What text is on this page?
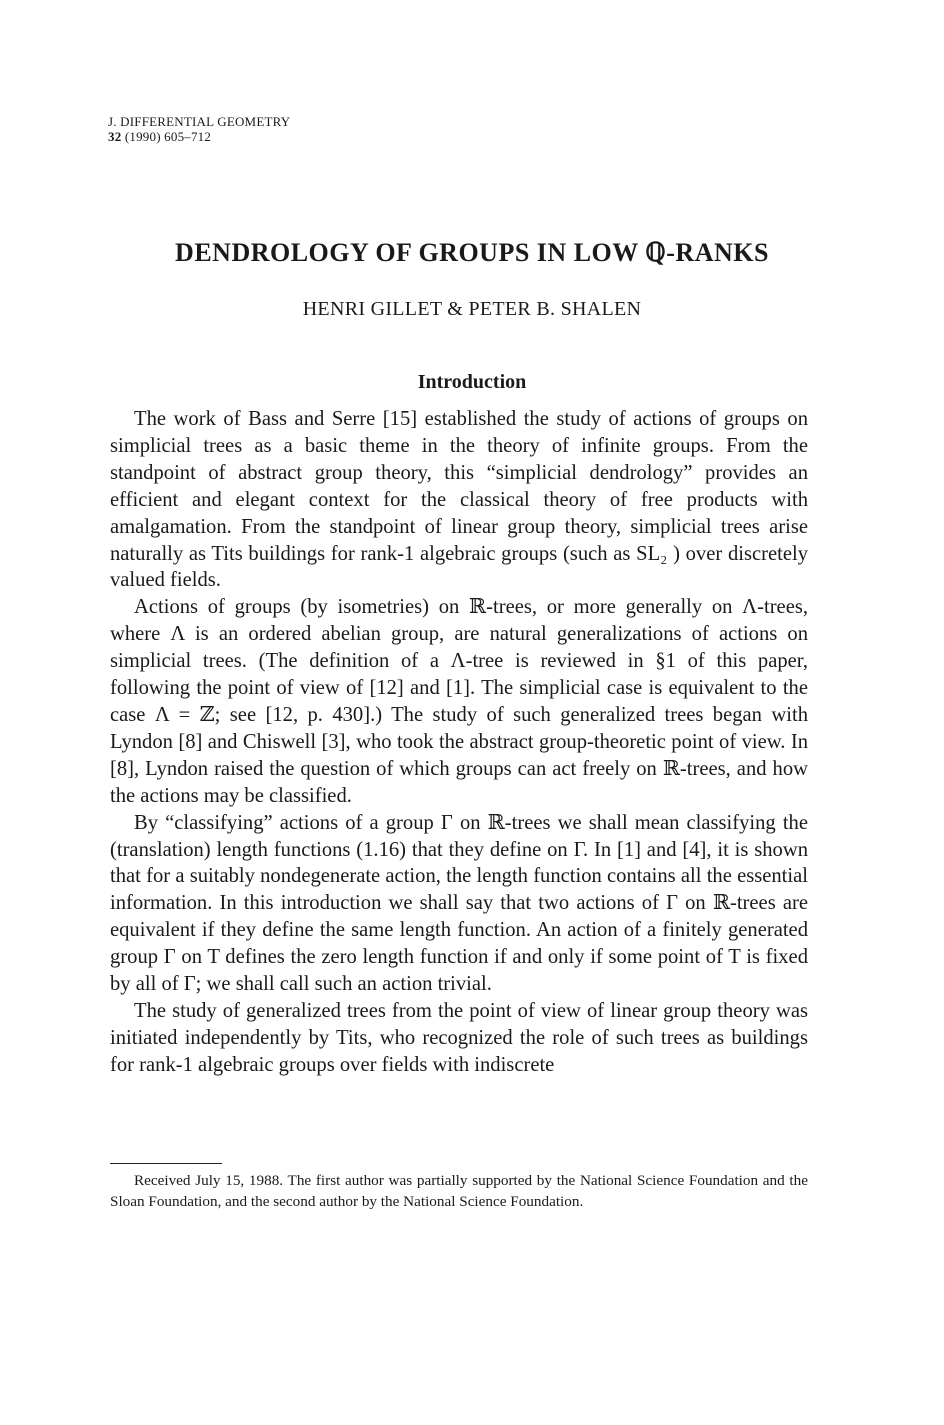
J. DIFFERENTIAL GEOMETRY
32 (1990) 605–712
DENDROLOGY OF GROUPS IN LOW ℚ-RANKS
HENRI GILLET & PETER B. SHALEN
Introduction

The work of Bass and Serre [15] established the study of actions of groups on simplicial trees as a basic theme in the theory of infinite groups. From the standpoint of abstract group theory, this “simplicial dendrology” provides an efficient and elegant context for the classical theory of free products with amalgamation. From the standpoint of linear group theory, simplicial trees arise naturally as Tits buildings for rank-1 algebraic groups (such as SL₂ ) over discretely valued fields.

Actions of groups (by isometries) on ℝ-trees, or more generally on Λ-trees, where Λ is an ordered abelian group, are natural generalizations of actions on simplicial trees. (The definition of a Λ-tree is reviewed in §1 of this paper, following the point of view of [12] and [1]. The simplicial case is equivalent to the case Λ = ℤ; see [12, p. 430].) The study of such generalized trees began with Lyndon [8] and Chiswell [3], who took the abstract group-theoretic point of view. In [8], Lyndon raised the question of which groups can act freely on ℝ-trees, and how the actions may be classified.

By “classifying” actions of a group Γ on ℝ-trees we shall mean classifying the (translation) length functions (1.16) that they define on Γ. In [1] and [4], it is shown that for a suitably nondegenerate action, the length function contains all the essential information. In this introduction we shall say that two actions of Γ on ℝ-trees are equivalent if they define the same length function. An action of a finitely generated group Γ on T defines the zero length function if and only if some point of T is fixed by all of Γ; we shall call such an action trivial.

The study of generalized trees from the point of view of linear group theory was initiated independently by Tits, who recognized the role of such trees as buildings for rank-1 algebraic groups over fields with indiscrete

Received July 15, 1988. The first author was partially supported by the National Science Foundation and the Sloan Foundation, and the second author by the National Science Foundation.
